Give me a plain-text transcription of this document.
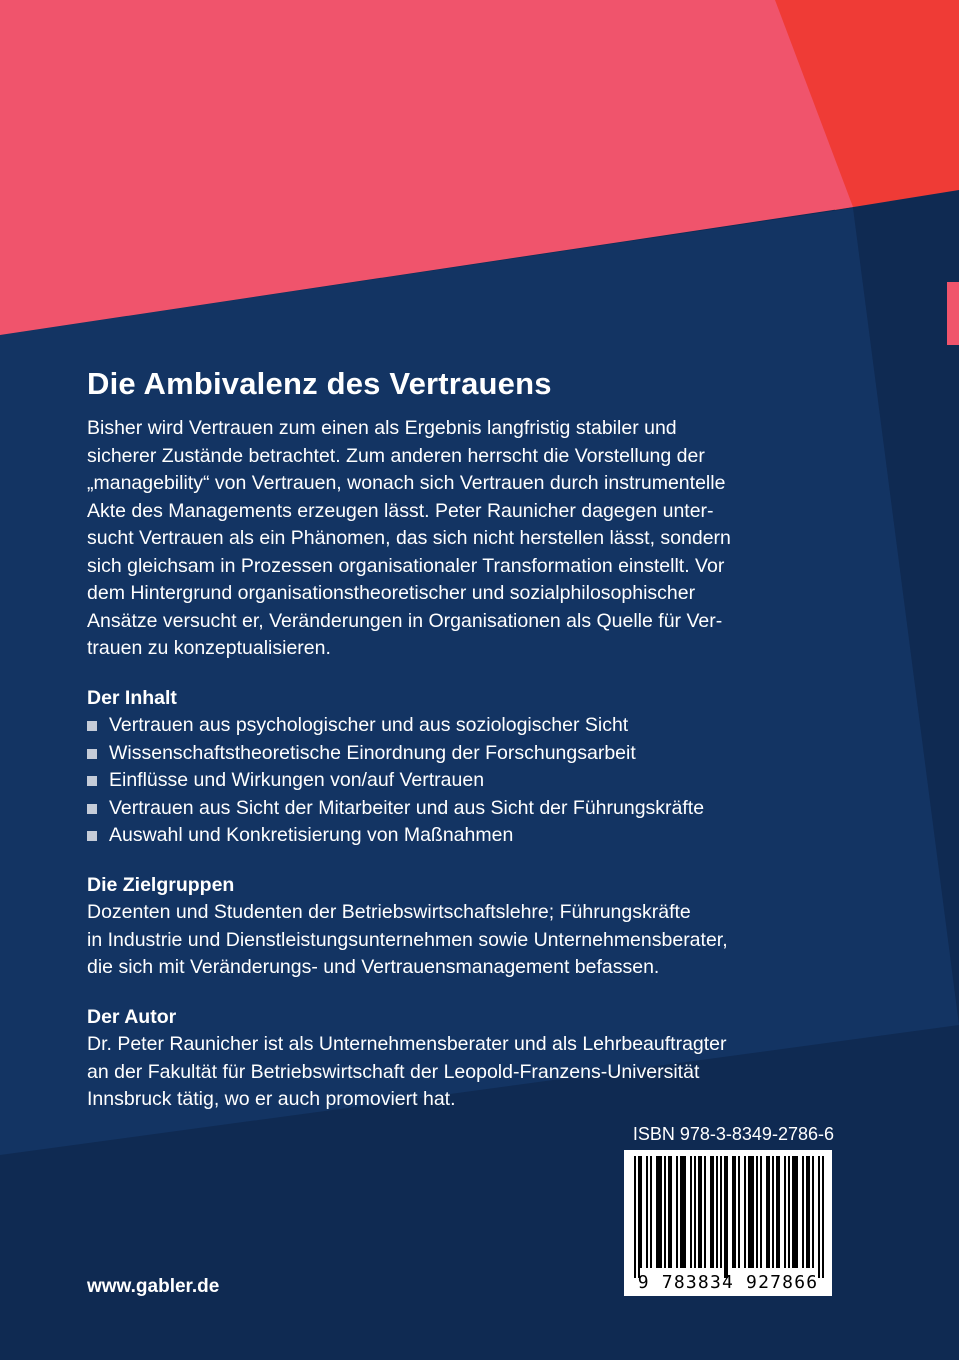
Die Ambivalenz des Vertrauens

Bisher wird Vertrauen zum einen als Ergebnis langfristig stabiler und
sicherer Zustände betrachtet. Zum anderen herrscht die Vorstellung der
„managebility“ von Vertrauen, wonach sich Vertrauen durch instrumentelle
Akte des Managements erzeugen lässt. Peter Raunicher dagegen unter-
sucht Vertrauen als ein Phänomen, das sich nicht herstellen lässt, sondern
sich gleichsam in Prozessen organisationaler Transformation einstellt. Vor
dem Hintergrund organisationstheoretischer und sozialphilosophischer
Ansätze versucht er, Veränderungen in Organisationen als Quelle für Ver-
trauen zu konzeptualisieren.

Der Inhalt
Vertrauen aus psychologischer und aus soziologischer Sicht
Wissenschaftstheoretische Einordnung der Forschungsarbeit
Einflüsse und Wirkungen von/auf Vertrauen
Vertrauen aus Sicht der Mitarbeiter und aus Sicht der Führungskräfte
Auswahl und Konkretisierung von Maßnahmen
Die Zielgruppen

Dozenten und Studenten der Betriebswirtschaftslehre; Führungskräfte
in Industrie und Dienstleistungsunternehmen sowie Unternehmensberater,
die sich mit Veränderungs- und Vertrauensmanagement befassen.

Der Autor

Dr. Peter Raunicher ist als Unternehmensberater und als Lehrbeauftragter
an der Fakultät für Betriebswirtschaft der Leopold-Franzens-Universität
Innsbruck tätig, wo er auch promoviert hat.

ISBN 978-3-8349-2786-6
9 783834 927866
www.gabler.de
